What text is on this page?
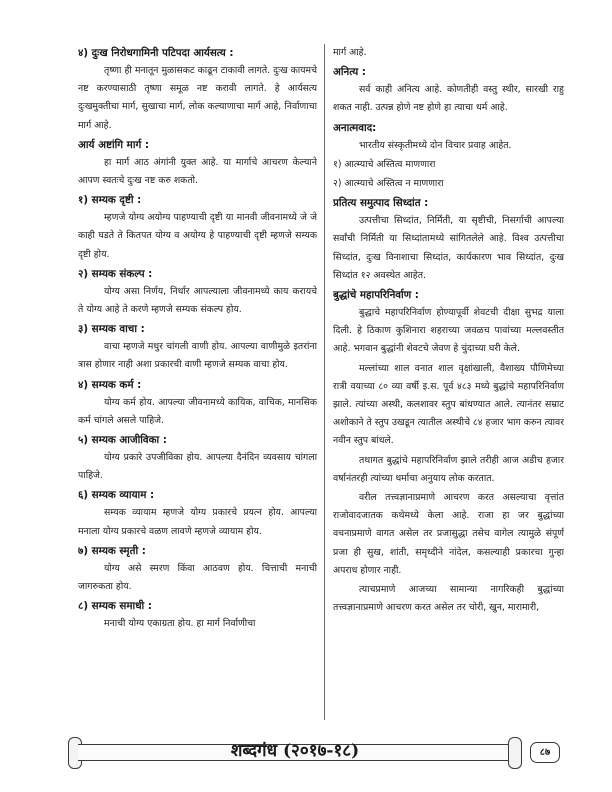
४) दुःख निरोधगामिनी पटिपदा आर्यसत्य :

तृष्णा ही मनातून मुळासकट काढून टाकावी लागते. दुःख कायमचे नष्ट करण्यासाठी तृष्णा समूळ नष्ट करावी लागते. हे आर्यसत्य दुःखमुक्तीचा मार्ग, सुखाचा मार्ग, लोक कल्याणाचा मार्ग आहे, निर्वाणाचा मार्ग आहे.

आर्य अष्टांगि मार्ग :

हा मार्ग आठ अंगांनी युक्त आहे. या मार्गाचे आचरण केल्याने आपण स्वतःचे दुःख नष्ट करु शकतो.

१) सम्यक दृष्टी :

म्हणजे योग्य अयोग्य पाहण्याची दृष्टी या मानवी जीवनामध्ये जे जे काही घडते ते कितपत योग्य व अयोग्य हे पाहण्याची दृष्टी म्हणजे सम्यक दृष्टी होय.

२) सम्यक संकल्प :

योग्य असा निर्णय, निर्धार आपल्याला जीवनामध्ये काय करायचे ते योग्य आहे ते करणे म्हणजे सम्यक संकल्प होय.

३) सम्यक वाचा :

वाचा म्हणजे मधुर चांगली वाणी होय. आपल्या वाणीमुळे इतरांना त्रास होणार नाही अशा प्रकारची वाणी म्हणजे सम्यक वाचा होय.

४) सम्यक कर्म :

योग्य कर्म होय. आपल्या जीवनामध्ये कायिक, वाचिक, मानसिक कर्म चांगले असले पाहिजे.

५) सम्यक आजीविका :

योग्य प्रकारे उपजीविका होय. आपल्या दैनंदिन व्यवसाय चांगला पाहिजे.

६) सम्यक व्यायाम :

सम्यक व्यायाम म्हणजे योग्य प्रकारचे प्रयत्न होय. आपल्या मनाला योग्य प्रकारचे वळण लावणे म्हणजे व्यायाम होय.

७) सम्यक स्मृती :

योग्य असे स्मरण किंवा आठवण होय. चित्ताची मनाची जागरुकता होय.

८) सम्यक समाधी :

मनाची योग्य एकाग्रता होय. हा मार्ग निर्वाणीचा

मार्ग आहे.

अनित्य :

सर्व काही अनित्य आहे. कोणतीही वस्तु स्थीर, सारखी राहु शकत नाही. उत्पन्न होणे नष्ट होणे हा त्याचा धर्म आहे.

अनात्मवाद:

भारतीय संस्कृतीमध्ये दोन विचार प्रवाह आहेत.

१) आत्म्याचे अस्तित्व माणणारा

२) आत्म्याचे अस्तित्व न माणणारा

प्रतित्य समुत्पाद सिध्दांत :

उत्पत्तीचा सिध्दांत, निर्मिती, या सृष्टीची, निसर्गाची आपल्या सर्वांची निर्मिती या सिध्दांतामध्ये सांगितलेले आहे. विश्व उत्पत्तीचा सिध्दांत, दुःख विनाशाचा सिध्दांत, कार्यकारण भाव सिध्दांत, दुःख सिध्दांत १२ अवस्थेत आहेत.

बुद्धांचे महापरिनिर्वाण :

बुद्धाचे महापरिनिर्वाण होण्यापूर्वी शेवटची दीक्षा सुभद्र याला दिली. हे ठिकाण कुशिनारा शहराच्या जवळच पावांच्या मल्लवस्तीत आहे. भगवान बुद्धांनी शेवटचे जेवण हे चुंदाच्या घरी केले.

मल्लांच्या शाल वनात शाल वृक्षांखाली, वैशाख्य पौणिमेच्या रात्री वयाच्या ८० व्या वर्षी इ.स. पूर्व ४८३ मध्ये बुद्धांचे महापरिनिर्वाण झाले. त्यांच्या अस्थी, कलशावर स्तुप बांधण्यात आले. त्यानंतर सम्राट अशोकाने ते स्तुप उखडून त्यातील अस्थीचे ८४ हजार भाग करुन त्यावर नवीन स्तुप बांधले.

तथागत बुद्धांचे महापरिनिर्वाण झाले तरीही आज अडीच हजार वर्षानंतरही त्यांच्या धर्माचा अनुयाय लोक करतात.

वरील तत्त्वज्ञानाप्रमाणे आचरण करत असल्याचा वृत्तांत राजोवादजातक कथेमध्ये केला आहे. राजा हा जर बुद्धांच्या वचनाप्रमाणे वागत असेल तर प्रजासुद्धा तसेच वागेल त्यामुळे संपूर्ण प्रजा ही सुख, शांती, समृध्दीने नांदेल, कसल्याही प्रकारचा गुन्हा अपराध होणार नाही.

त्याचप्रमाणे आजच्या सामान्या नागरिकही बुद्धांच्या तत्त्वज्ञानाप्रमाणे आचरण करत असेल तर चोरी, खुन, मारामारी,

शब्दगंध (२०१७-१८)	८७
